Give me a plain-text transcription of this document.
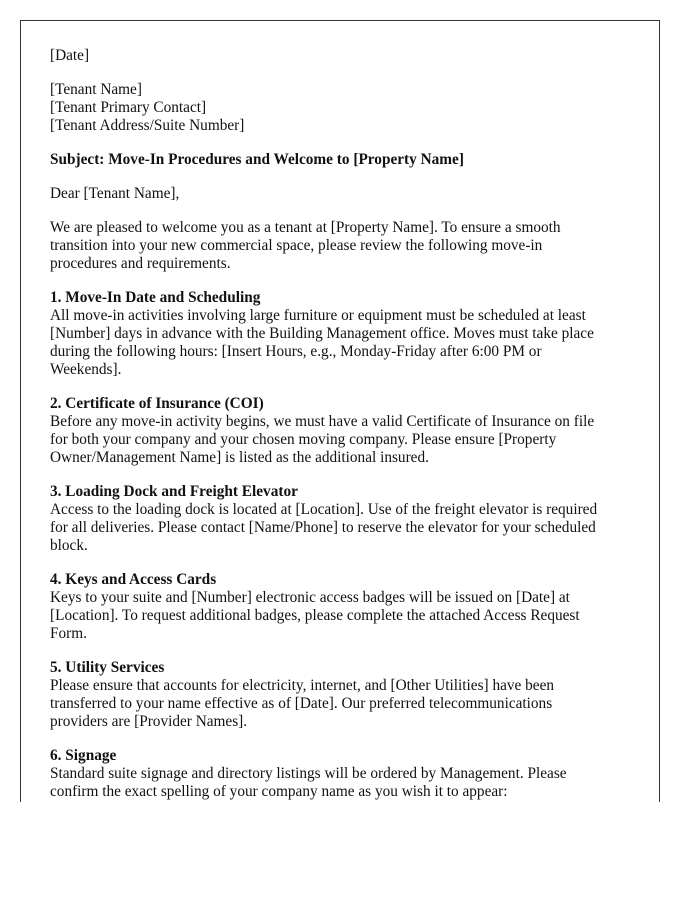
[Date]
[Tenant Name]
[Tenant Primary Contact]
[Tenant Address/Suite Number]
Subject: Move-In Procedures and Welcome to [Property Name]
Dear [Tenant Name],
We are pleased to welcome you as a tenant at [Property Name]. To ensure a smooth
transition into your new commercial space, please review the following move-in
procedures and requirements.
1. Move-In Date and Scheduling
All move-in activities involving large furniture or equipment must be scheduled at least
[Number] days in advance with the Building Management office. Moves must take place
during the following hours: [Insert Hours, e.g., Monday-Friday after 6:00 PM or
Weekends].
2. Certificate of Insurance (COI)
Before any move-in activity begins, we must have a valid Certificate of Insurance on file
for both your company and your chosen moving company. Please ensure [Property
Owner/Management Name] is listed as the additional insured.
3. Loading Dock and Freight Elevator
Access to the loading dock is located at [Location]. Use of the freight elevator is required
for all deliveries. Please contact [Name/Phone] to reserve the elevator for your scheduled
block.
4. Keys and Access Cards
Keys to your suite and [Number] electronic access badges will be issued on [Date] at
[Location]. To request additional badges, please complete the attached Access Request
Form.
5. Utility Services
Please ensure that accounts for electricity, internet, and [Other Utilities] have been
transferred to your name effective as of [Date]. Our preferred telecommunications
providers are [Provider Names].
6. Signage
Standard suite signage and directory listings will be ordered by Management. Please
confirm the exact spelling of your company name as you wish it to appear:
